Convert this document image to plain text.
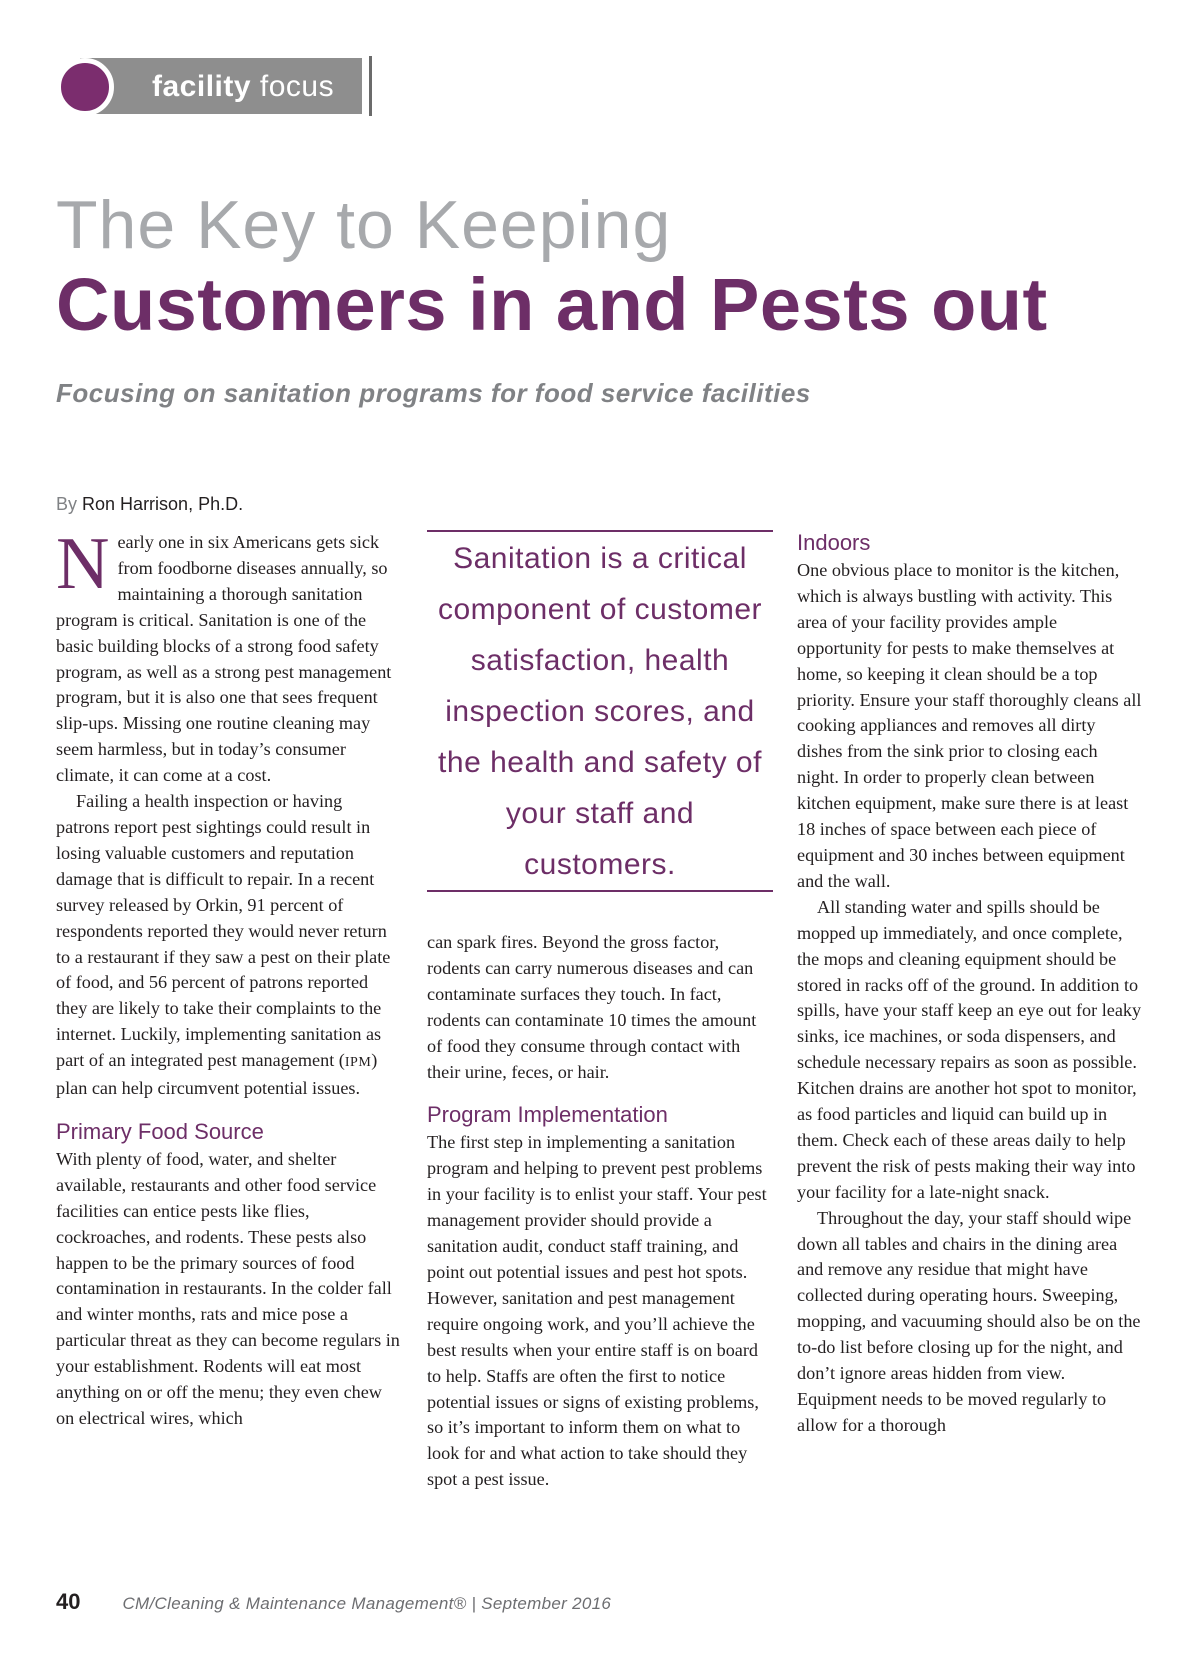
facility focus
The Key to Keeping
Customers in and Pests out
Focusing on sanitation programs for food service facilities
By Ron Harrison, Ph.D.

Nearly one in six Americans gets sick from foodborne diseases annually, so maintaining a thorough sanitation program is critical. Sanitation is one of the basic building blocks of a strong food safety program, as well as a strong pest management program, but it is also one that sees frequent slip-ups. Missing one routine cleaning may seem harmless, but in today’s consumer climate, it can come at a cost.

Failing a health inspection or having patrons report pest sightings could result in losing valuable customers and reputation damage that is difficult to repair. In a recent survey released by Orkin, 91 percent of respondents reported they would never return to a restaurant if they saw a pest on their plate of food, and 56 percent of patrons reported they are likely to take their complaints to the internet. Luckily, implementing sanitation as part of an integrated pest management (IPM) plan can help circumvent potential issues.

Primary Food Source

With plenty of food, water, and shelter available, restaurants and other food service facilities can entice pests like flies, cockroaches, and rodents. These pests also happen to be the primary sources of food contamination in restaurants. In the colder fall and winter months, rats and mice pose a particular threat as they can become regulars in your establishment. Rodents will eat most anything on or off the menu; they even chew on electrical wires, which

Sanitation is a critical component of customer satisfaction, health inspection scores, and the health and safety of your staff and customers.

can spark fires. Beyond the gross factor, rodents can carry numerous diseases and can contaminate surfaces they touch. In fact, rodents can contaminate 10 times the amount of food they consume through contact with their urine, feces, or hair.

Program Implementation

The first step in implementing a sanitation program and helping to prevent pest problems in your facility is to enlist your staff. Your pest management provider should provide a sanitation audit, conduct staff training, and point out potential issues and pest hot spots. However, sanitation and pest management require ongoing work, and you’ll achieve the best results when your entire staff is on board to help. Staffs are often the first to notice potential issues or signs of existing problems, so it’s important to inform them on what to look for and what action to take should they spot a pest issue.

Indoors

One obvious place to monitor is the kitchen, which is always bustling with activity. This area of your facility provides ample opportunity for pests to make themselves at home, so keeping it clean should be a top priority. Ensure your staff thoroughly cleans all cooking appliances and removes all dirty dishes from the sink prior to closing each night. In order to properly clean between kitchen equipment, make sure there is at least 18 inches of space between each piece of equipment and 30 inches between equipment and the wall.

All standing water and spills should be mopped up immediately, and once complete, the mops and cleaning equipment should be stored in racks off of the ground. In addition to spills, have your staff keep an eye out for leaky sinks, ice machines, or soda dispensers, and schedule necessary repairs as soon as possible. Kitchen drains are another hot spot to monitor, as food particles and liquid can build up in them. Check each of these areas daily to help prevent the risk of pests making their way into your facility for a late-night snack.

Throughout the day, your staff should wipe down all tables and chairs in the dining area and remove any residue that might have collected during operating hours. Sweeping, mopping, and vacuuming should also be on the to-do list before closing up for the night, and don’t ignore areas hidden from view. Equipment needs to be moved regularly to allow for a thorough

40 CM/Cleaning & Maintenance Management® | September 2016
